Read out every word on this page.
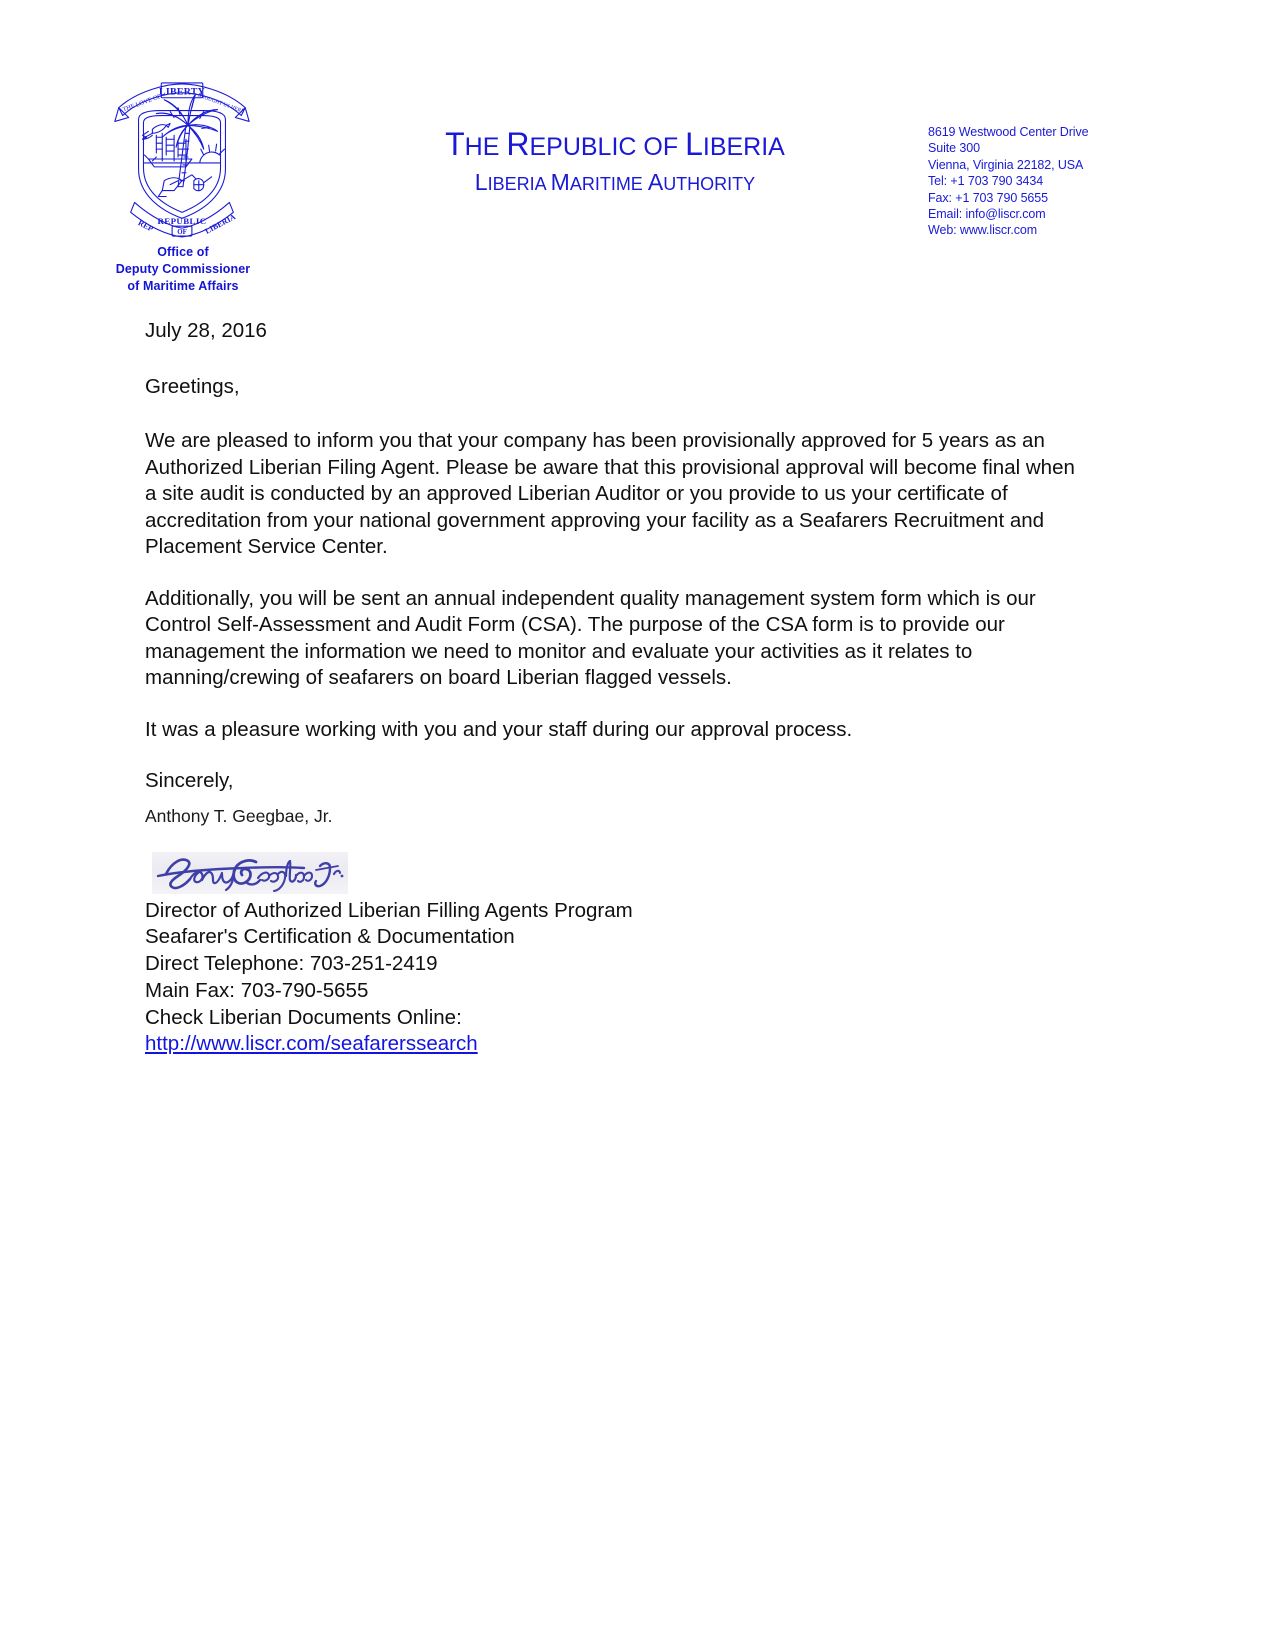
LIBERTY
THE LOVE OF	BROUGHT US HERE
REPUBLIC
OF
REP	LIBERIA
Office of
Deputy Commissioner
of Maritime Affairs
THE REPUBLIC OF LIBERIA
LIBERIA MARITIME AUTHORITY
8619 Westwood Center Drive
Suite 300
Vienna, Virginia 22182, USA
Tel: +1 703 790 3434
Fax: +1 703 790 5655
Email: info@liscr.com
Web: www.liscr.com

July 28, 2016

Greetings,

We are pleased to inform you that your company has been provisionally approved for 5 years as an Authorized Liberian Filing Agent. Please be aware that this provisional approval will become final when a site audit is conducted by an approved Liberian Auditor or you provide to us your certificate of accreditation from your national government approving your facility as a Seafarers Recruitment and Placement Service Center.

Additionally, you will be sent an annual independent quality management system form which is our Control Self-Assessment and Audit Form (CSA). The purpose of the CSA form is to provide our management the information we need to monitor and evaluate your activities as it relates to manning/crewing of seafarers on board Liberian flagged vessels.

It was a pleasure working with you and your staff during our approval process.

Sincerely,

Anthony T. Geegbae, Jr.

Director of Authorized Liberian Filling Agents Program
Seafarer's Certification & Documentation
Direct Telephone: 703-251-2419
Main Fax: 703-790-5655
Check Liberian Documents Online:
http://www.liscr.com/seafarerssearch
